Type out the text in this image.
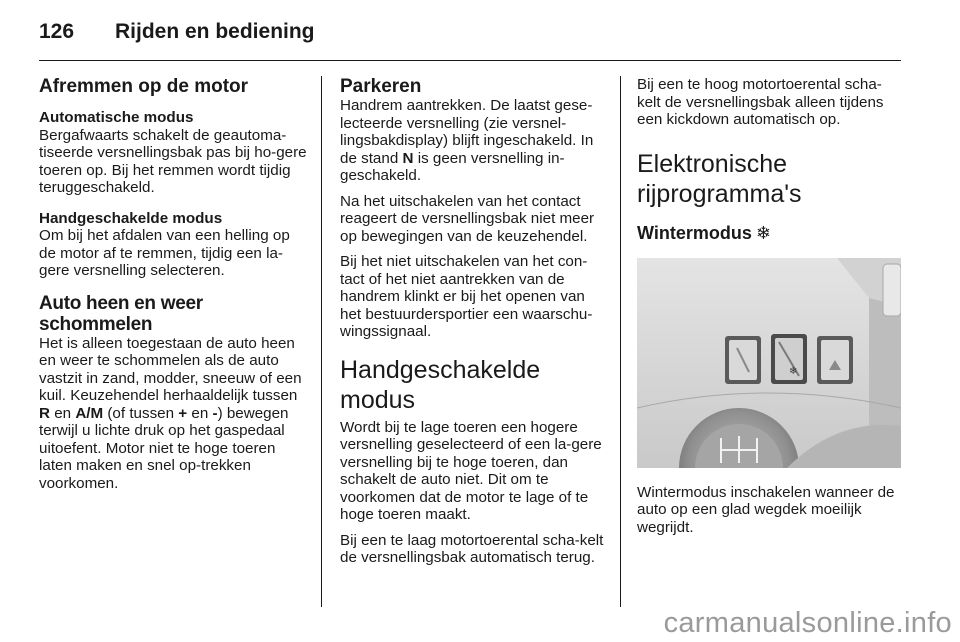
126	Rijden en bediening
Afremmen op de motor
Automatische modus
Bergafwaarts schakelt de geautoma-tiseerde versnellingsbak pas bij ho-gere toeren op. Bij het remmen wordt tijdig teruggeschakeld.
Handgeschakelde modus
Om bij het afdalen van een helling op de motor af te remmen, tijdig een la-gere versnelling selecteren.
Auto heen en weer schommelen
Het is alleen toegestaan de auto heen en weer te schommelen als de auto vastzit in zand, modder, sneeuw of een kuil. Keuzehendel herhaaldelijk tussen R en A/M (of tussen + en -) bewegen terwijl u lichte druk op het gaspedaal uitoefent. Motor niet te hoge toeren laten maken en snel op-trekken voorkomen.
Parkeren

Handrem aantrekken. De laatst gese-lecteerde versnelling (zie versnel-lingsbakdisplay) blijft ingeschakeld. In de stand N is geen versnelling in-geschakeld.

Na het uitschakelen van het contact reageert de versnellingsbak niet meer op bewegingen van de keuzehendel.

Bij het niet uitschakelen van het con-tact of het niet aantrekken van de handrem klinkt er bij het openen van het bestuurdersportier een waarschu-wingssignaal.

Handgeschakelde modus

Wordt bij te lage toeren een hogere versnelling geselecteerd of een la-gere versnelling bij te hoge toeren, dan schakelt de auto niet. Dit om te voorkomen dat de motor te lage of te hoge toeren maakt.

Bij een te laag motortoerental scha-kelt de versnellingsbak automatisch terug.

Bij een te hoog motortoerental scha-kelt de versnellingsbak alleen tijdens een kickdown automatisch op.

Elektronische
rijprogramma's
Wintermodus ❄
❄

Wintermodus inschakelen wanneer de auto op een glad wegdek moeilijk wegrijdt.

carmanualsonline.info
